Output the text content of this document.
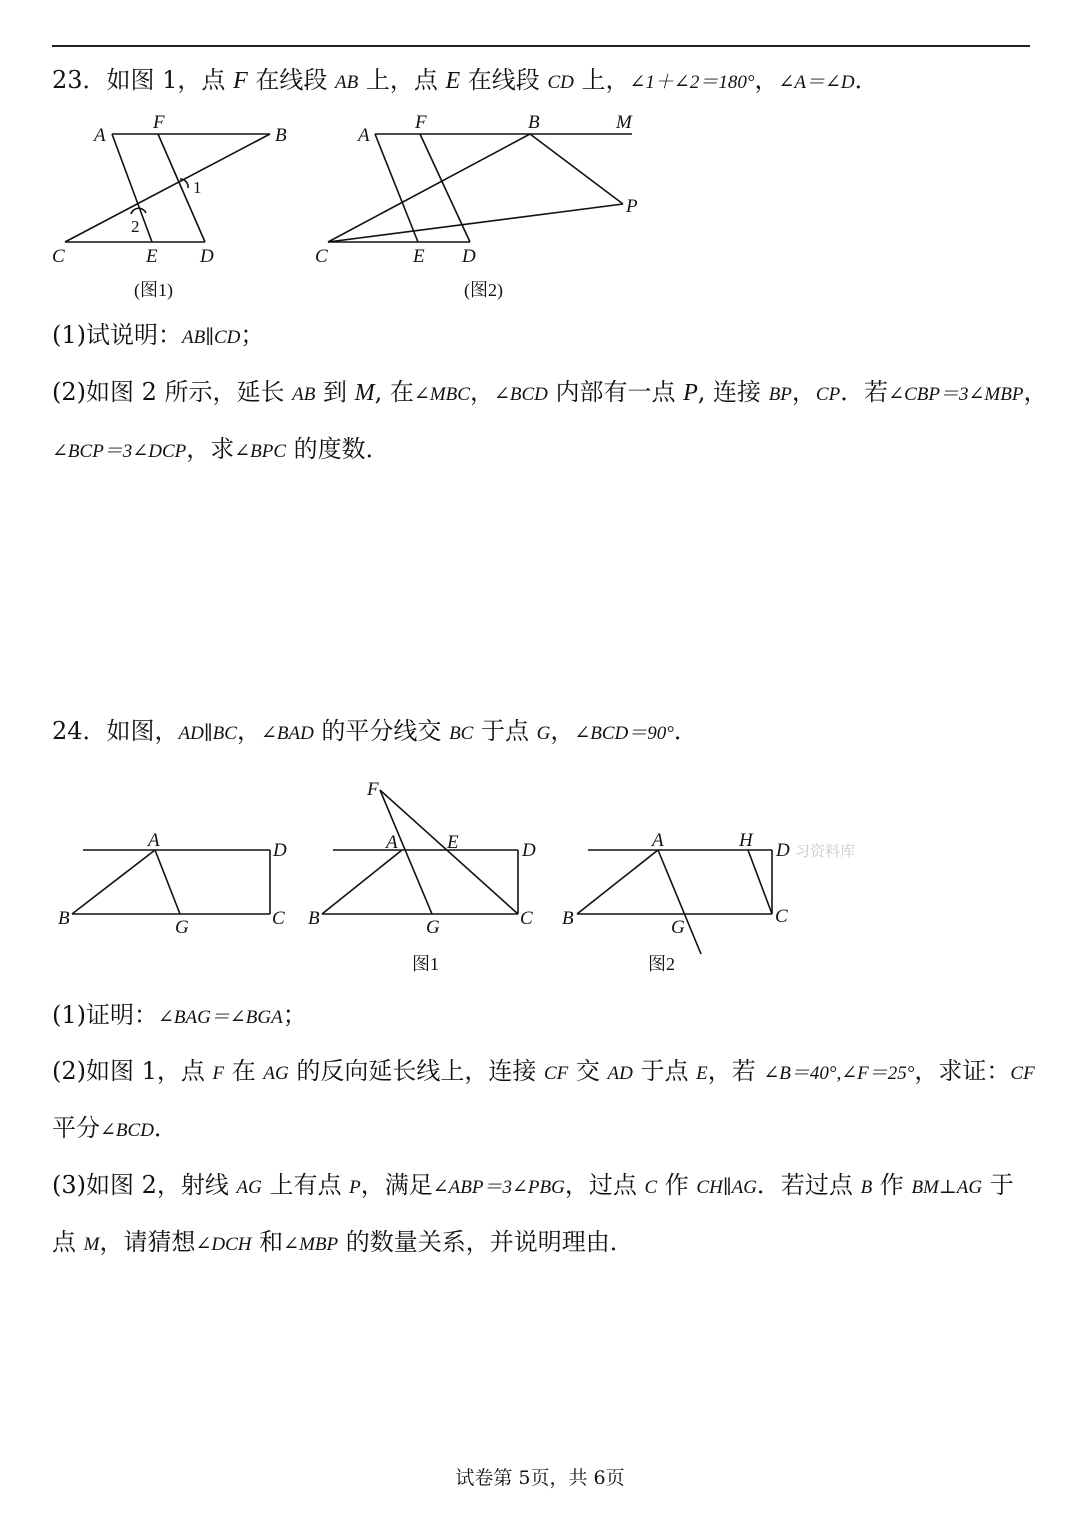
23．如图 1，点 F 在线段 AB 上，点 E 在线段 CD 上，∠1＋∠2＝180°，∠A＝∠D．
A
F
B
C	E D
1
2
A
F	B	M
P
C	E D
A	D
B	G	C
F
A	E	D
B	G	C
A	H D
B	G
C
(图1)	(图2)
(1)试说明：AB∥CD；
(2)如图 2 所示，延长 AB 到 M, 在∠MBC，∠BCD 内部有一点 P, 连接 BP，CP．若∠CBP＝3∠MBP，
∠BCP＝3∠DCP，求∠BPC 的度数．
24．如图，AD∥BC，∠BAD 的平分线交 BC 于点 G，∠BCD＝90°．
习资料库
图1	图2
(1)证明：∠BAG＝∠BGA；
(2)如图 1，点 F 在 AG 的反向延长线上，连接 CF 交 AD 于点 E，若 ∠B＝40°,∠F＝25°，求证：CF
平分∠BCD．
(3)如图 2，射线 AG 上有点 P，满足∠ABP＝3∠PBG，过点 C 作 CH∥AG．若过点 B 作 BM⊥AG 于
点 M，请猜想∠DCH 和∠MBP 的数量关系，并说明理由．
试卷第 5页，共 6页
